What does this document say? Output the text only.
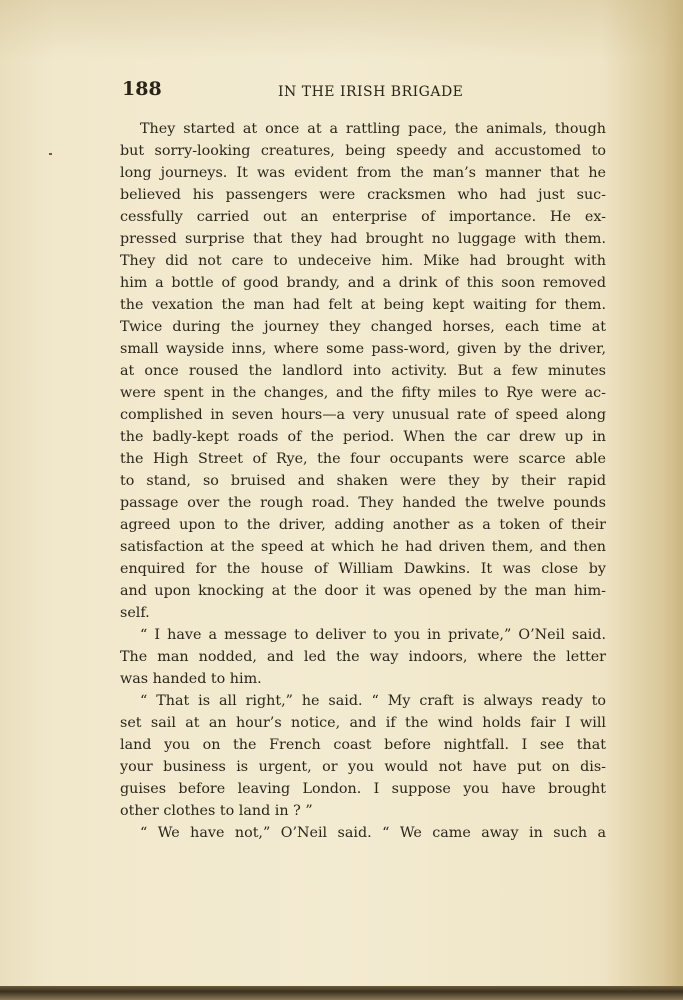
188	IN THE IRISH BRIGADE
They started at once at a rattling pace, the animals, though
but sorry-looking creatures, being speedy and accustomed to
long journeys. It was evident from the man’s manner that he
believed his passengers were cracksmen who had just suc-
cessfully carried out an enterprise of importance. He ex-
pressed surprise that they had brought no luggage with them.
They did not care to undeceive him. Mike had brought with
him a bottle of good brandy, and a drink of this soon removed
the vexation the man had felt at being kept waiting for them.
Twice during the journey they changed horses, each time at
small wayside inns, where some pass-word, given by the driver,
at once roused the landlord into activity. But a few minutes
were spent in the changes, and the fifty miles to Rye were ac-
complished in seven hours—a very unusual rate of speed along
the badly-kept roads of the period. When the car drew up in
the High Street of Rye, the four occupants were scarce able
to stand, so bruised and shaken were they by their rapid
passage over the rough road. They handed the twelve pounds
agreed upon to the driver, adding another as a token of their
satisfaction at the speed at which he had driven them, and then
enquired for the house of William Dawkins. It was close by
and upon knocking at the door it was opened by the man him-
self.
“ I have a message to deliver to you in private,” O’Neil said.
The man nodded, and led the way indoors, where the letter
was handed to him.
“ That is all right,” he said. “ My craft is always ready to
set sail at an hour’s notice, and if the wind holds fair I will
land you on the French coast before nightfall. I see that
your business is urgent, or you would not have put on dis-
guises before leaving London. I suppose you have brought
other clothes to land in ? ”
“ We have not,” O’Neil said. “ We came away in such a
